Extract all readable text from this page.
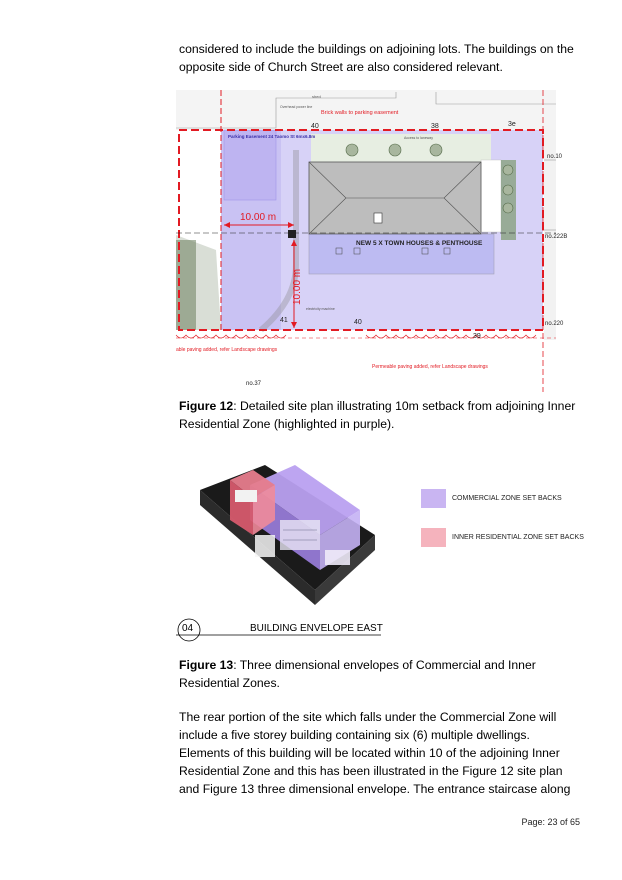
considered to include the buildings on adjoining lots. The buildings on the opposite side of Church Street are also considered relevant.

Brick walls to parking easement
Parking Easement 24 Taomo St 6mx6.8m
NEW 5 X TOWN HOUSES & PENTHOUSE
10.00 m
10.00 m
no.10
no.222B
no.220
no.37
40	38	3e
41	40
39
able paving added, refer Landscape drawings
Permeable paving added, refer Landscape drawings
shed
Overhead power line
Access to laneway
electricity machine

Figure 12: Detailed site plan illustrating 10m setback from adjoining Inner Residential Zone (highlighted in purple).

COMMERCIAL ZONE SET BACKS
INNER RESIDENTIAL ZONE SET BACKS
04	BUILDING ENVELOPE EAST

Figure 13: Three dimensional envelopes of Commercial and Inner Residential Zones.

The rear portion of the site which falls under the Commercial Zone will include a five storey building containing six (6) multiple dwellings. Elements of this building will be located within 10 of the adjoining Inner Residential Zone and this has been illustrated in the Figure 12 site plan and Figure 13 three dimensional envelope. The entrance staircase along

Page: 23 of 65
